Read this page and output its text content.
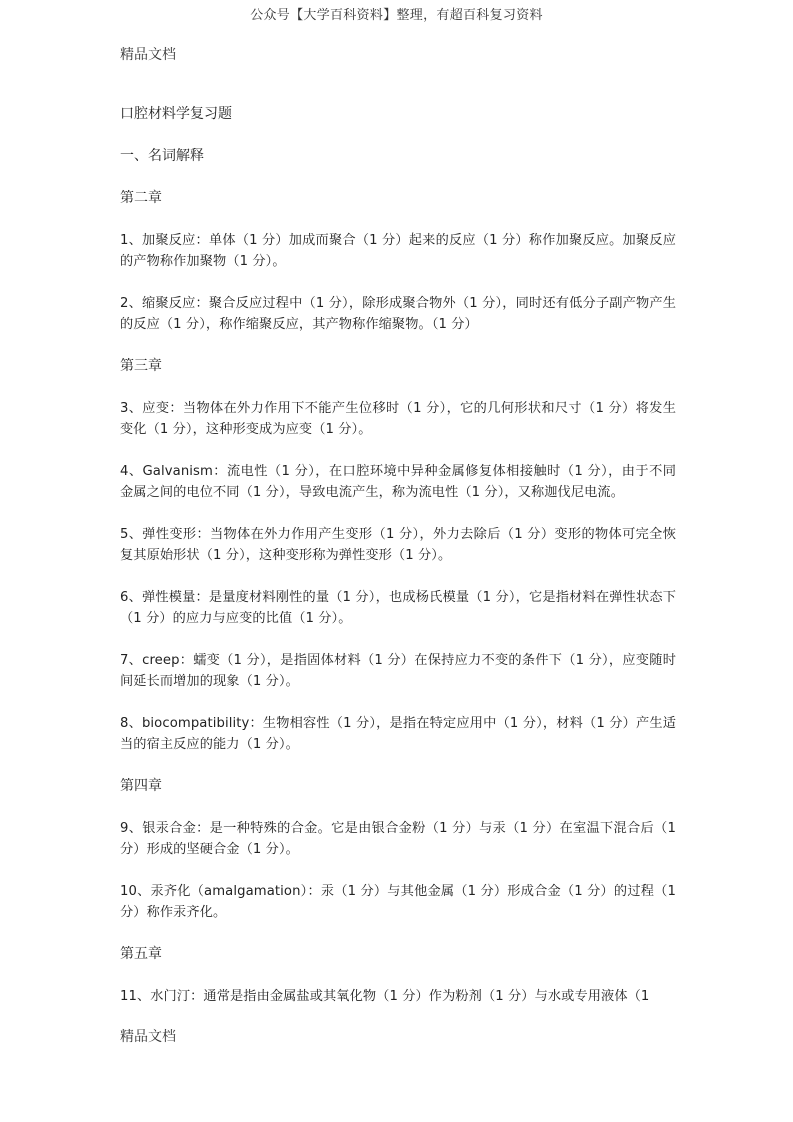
公众号【大学百科资料】整理，有超百科复习资料
精品文档
口腔材料学复习题
一、名词解释
第二章
1、加聚反应：单体（1 分）加成而聚合（1 分）起来的反应（1 分）称作加聚反应。加聚反应的产物称作加聚物（1 分）。
2、缩聚反应：聚合反应过程中（1 分），除形成聚合物外（1 分），同时还有低分子副产物产生的反应（1 分），称作缩聚反应，其产物称作缩聚物。（1 分）
第三章
3、应变：当物体在外力作用下不能产生位移时（1 分），它的几何形状和尺寸（1 分）将发生变化（1 分），这种形变成为应变（1 分）。
4、Galvanism：流电性（1 分），在口腔环境中异种金属修复体相接触时（1 分），由于不同金属之间的电位不同（1 分），导致电流产生，称为流电性（1 分），又称迦伐尼电流。
5、弹性变形：当物体在外力作用产生变形（1 分），外力去除后（1 分）变形的物体可完全恢复其原始形状（1 分），这种变形称为弹性变形（1 分）。
6、弹性模量：是量度材料刚性的量（1 分），也成杨氏模量（1 分），它是指材料在弹性状态下（1 分）的应力与应变的比值（1 分）。
7、creep：蠕变（1 分），是指固体材料（1 分）在保持应力不变的条件下（1 分），应变随时间延长而增加的现象（1 分）。
8、biocompatibility：生物相容性（1 分），是指在特定应用中（1 分），材料（1 分）产生适当的宿主反应的能力（1 分）。
第四章
9、银汞合金：是一种特殊的合金。它是由银合金粉（1 分）与汞（1 分）在室温下混合后（1 分）形成的坚硬合金（1 分）。
10、汞齐化（amalgamation）：汞（1 分）与其他金属（1 分）形成合金（1 分）的过程（1 分）称作汞齐化。
第五章
11、水门汀：通常是指由金属盐或其氧化物（1 分）作为粉剂（1 分）与水或专用液体（1
精品文档
